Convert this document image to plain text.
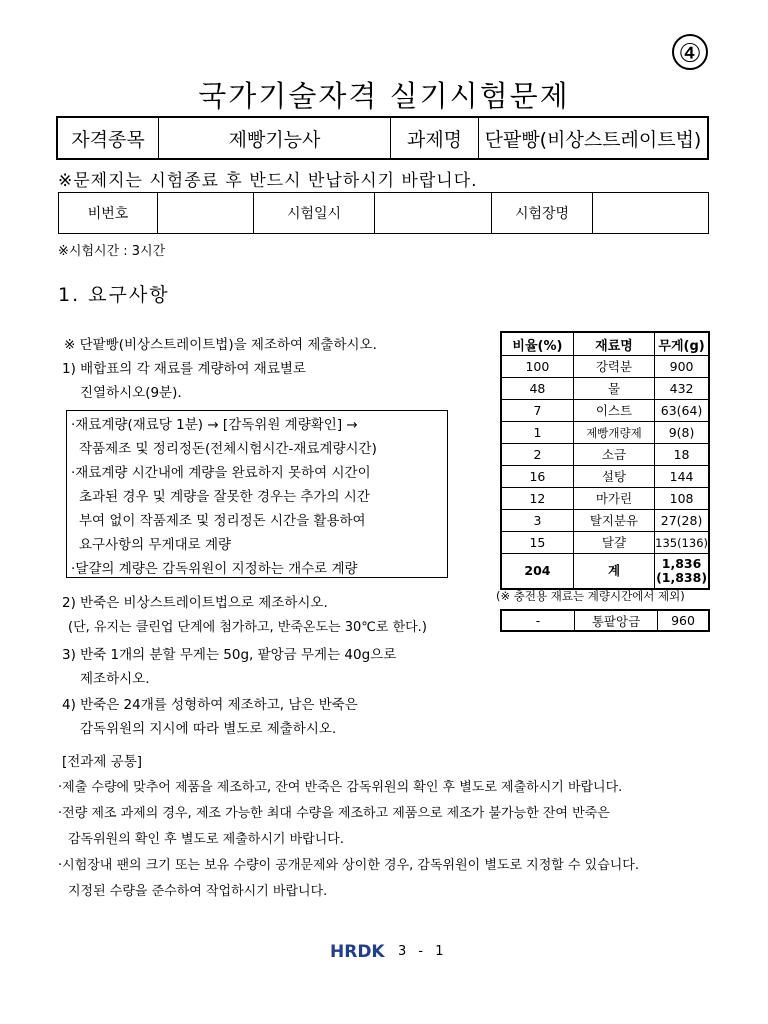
④
국가기술자격 실기시험문제
자격종목	제빵기능사	과제명	단팥빵(비상스트레이트법)
※문제지는 시험종료 후 반드시 반납하시기 바랍니다.
비번호		시험일시		시험장명	
※시험시간 : 3시간
1. 요구사항
※ 단팥빵(비상스트레이트법)을 제조하여 제출하시오.
1) 배합표의 각 재료를 계량하여 재료별로
진열하시오(9분).
·재료계량(재료당 1분) → [감독위원 계량확인] →
작품제조 및 정리정돈(전체시험시간-재료계량시간)
·재료계량 시간내에 계량을 완료하지 못하여 시간이
초과된 경우 및 계량을 잘못한 경우는 추가의 시간
부여 없이 작품제조 및 정리정돈 시간을 활용하여
요구사항의 무게대로 계량
·달걀의 계량은 감독위원이 지정하는 개수로 계량
2) 반죽은 비상스트레이트법으로 제조하시오.
(단, 유지는 클린업 단계에 첨가하고, 반죽온도는 30℃로 한다.)
3) 반죽 1개의 분할 무게는 50g, 팥앙금 무게는 40g으로
제조하시오.
4) 반죽은 24개를 성형하여 제조하고, 남은 반죽은
감독위원의 지시에 따라 별도로 제출하시오.
[전과제 공통]
·제출 수량에 맞추어 제품을 제조하고, 잔여 반죽은 감독위원의 확인 후 별도로 제출하시기 바랍니다.
·전량 제조 과제의 경우, 제조 가능한 최대 수량을 제조하고 제품으로 제조가 불가능한 잔여 반죽은
감독위원의 확인 후 별도로 제출하시기 바랍니다.
·시험장내 팬의 크기 또는 보유 수량이 공개문제와 상이한 경우, 감독위원이 별도로 지정할 수 있습니다.
지정된 수량을 준수하여 작업하시기 바랍니다.
비율(%)	재료명	무게(g)
100	강력분	900
48	물	432
7	이스트	63(64)
1	제빵개량제	9(8)
2	소금	18
16	설탕	144
12	마가린	108
3	탈지분유	27(28)
15	달걀	135(136)
204	계	1,836
(1,838)
(※ 충전용 재료는 계량시간에서 제외)
-	통팥앙금	960
HRDK 3 - 1
